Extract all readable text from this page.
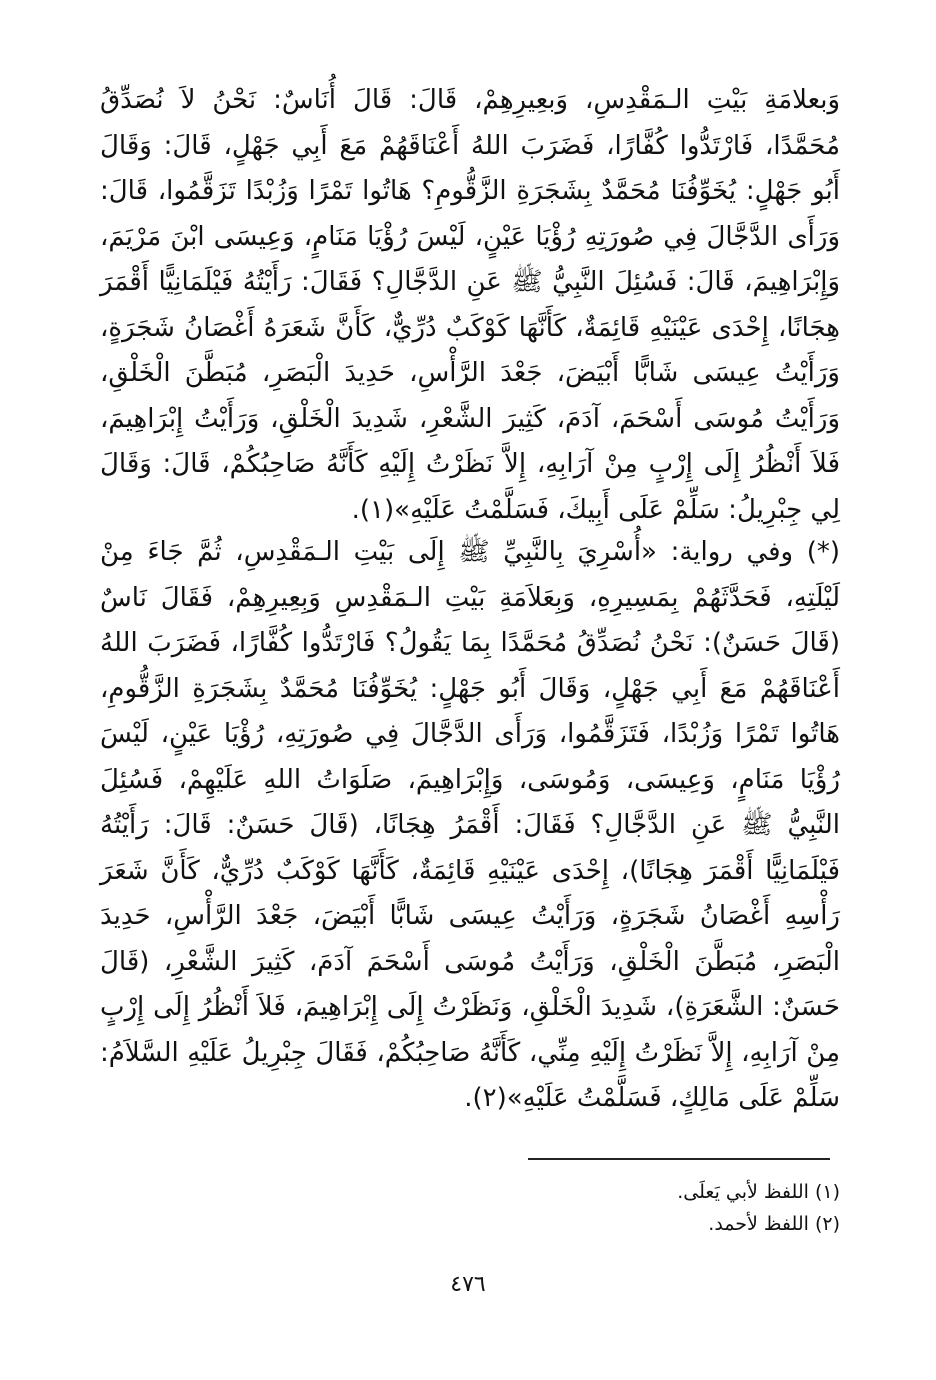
وَبعلامَةِ بَيْتِ الـمَقْدِسِ، وَبعِيرِهِمْ، قَالَ: قَالَ أُنَاسٌ: نَحْنُ لاَ نُصَدِّقُ مُحَمَّدًا، فَارْتَدُّوا كُفَّارًا، فَضَرَبَ اللهُ أَعْنَاقَهُمْ مَعَ أَبِي جَهْلٍ، قَالَ: وَقَالَ أَبُو جَهْلٍ: يُخَوِّفُنَا مُحَمَّدٌ بِشَجَرَةِ الزَّقُّومِ؟ هَاتُوا تَمْرًا وَزُبْدًا تَزَقَّمُوا، قَالَ: وَرَأَى الدَّجَّالَ فِي صُورَتِهِ رُؤْيَا عَيْنٍ، لَيْسَ رُؤْيَا مَنَامٍ، وَعِيسَى ابْنَ مَرْيَمَ، وَإِبْرَاهِيمَ، قَالَ: فَسُئِلَ النَّبِيُّ ﷺ عَنِ الدَّجَّالِ؟ فَقَالَ: رَأَيْتُهُ فَيْلَمَانِيًّا أَقْمَرَ هِجَانًا، إِحْدَى عَيْنَيْهِ قَائِمَةٌ، كَأَنَّهَا كَوْكَبٌ دُرِّيٌّ، كَأَنَّ شَعَرَهُ أَغْصَانُ شَجَرَةٍ، وَرَأَيْتُ عِيسَى شَابًّا أَبْيَضَ، جَعْدَ الرَّأْسِ، حَدِيدَ الْبَصَرِ، مُبَطَّنَ الْخَلْقِ، وَرَأَيْتُ مُوسَى أَسْحَمَ، آدَمَ، كَثِيرَ الشَّعْرِ، شَدِيدَ الْخَلْقِ، وَرَأَيْتُ إِبْرَاهِيمَ، فَلاَ أَنْظُرُ إِلَى إِرْبٍ مِنْ آرَابِهِ، إِلاَّ نَظَرْتُ إِلَيْهِ كَأَنَّهُ صَاحِبُكُمْ، قَالَ: وَقَالَ لِي جِبْرِيلُ: سَلِّمْ عَلَى أَبِيكَ، فَسَلَّمْتُ عَلَيْهِ»(١).
(*) وفي رواية: «أُسْرِيَ بِالنَّبِيِّ ﷺ إِلَى بَيْتِ الـمَقْدِسِ، ثُمَّ جَاءَ مِنْ لَيْلَتِهِ، فَحَدَّثَهُمْ بِمَسِيرِهِ، وَبِعَلاَمَةِ بَيْتِ الـمَقْدِسِ وَبِعِيرِهِمْ، فَقَالَ نَاسٌ (قَالَ حَسَنٌ): نَحْنُ نُصَدِّقُ مُحَمَّدًا بِمَا يَقُولُ؟ فَارْتَدُّوا كُفَّارًا، فَضَرَبَ اللهُ أَعْنَاقَهُمْ مَعَ أَبِي جَهْلٍ، وَقَالَ أَبُو جَهْلٍ: يُخَوِّفُنَا مُحَمَّدٌ بِشَجَرَةِ الزَّقُّومِ، هَاتُوا تَمْرًا وَزُبْدًا، فَتَزَقَّمُوا، وَرَأَى الدَّجَّالَ فِي صُورَتِهِ، رُؤْيَا عَيْنٍ، لَيْسَ رُؤْيَا مَنَامٍ، وَعِيسَى، وَمُوسَى، وَإِبْرَاهِيمَ، صَلَوَاتُ اللهِ عَلَيْهِمْ، فَسُئِلَ النَّبِيُّ ﷺ عَنِ الدَّجَّالِ؟ فَقَالَ: أَقْمَرُ هِجَانًا، (قَالَ حَسَنٌ: قَالَ: رَأَيْتُهُ فَيْلَمَانِيًّا أَقْمَرَ هِجَانًا)، إِحْدَى عَيْنَيْهِ قَائِمَةٌ، كَأَنَّهَا كَوْكَبٌ دُرِّيٌّ، كَأَنَّ شَعَرَ رَأْسِهِ أَغْصَانُ شَجَرَةٍ، وَرَأَيْتُ عِيسَى شَابًّا أَبْيَضَ، جَعْدَ الرَّأْسِ، حَدِيدَ الْبَصَرِ، مُبَطَّنَ الْخَلْقِ، وَرَأَيْتُ مُوسَى أَسْحَمَ آدَمَ، كَثِيرَ الشَّعْرِ، (قَالَ حَسَنٌ: الشَّعَرَةِ)، شَدِيدَ الْخَلْقِ، وَنَظَرْتُ إِلَى إِبْرَاهِيمَ، فَلاَ أَنْظُرُ إِلَى إِرْبٍ مِنْ آرَابِهِ، إِلاَّ نَظَرْتُ إِلَيْهِ مِنِّي، كَأَنَّهُ صَاحِبُكُمْ، فَقَالَ جِبْرِيلُ عَلَيْهِ السَّلاَمُ: سَلِّمْ عَلَى مَالِكٍ، فَسَلَّمْتُ عَلَيْهِ»(٢).
(١) اللفظ لأبي يَعلَى.
(٢) اللفظ لأحمد.
٤٧٦
